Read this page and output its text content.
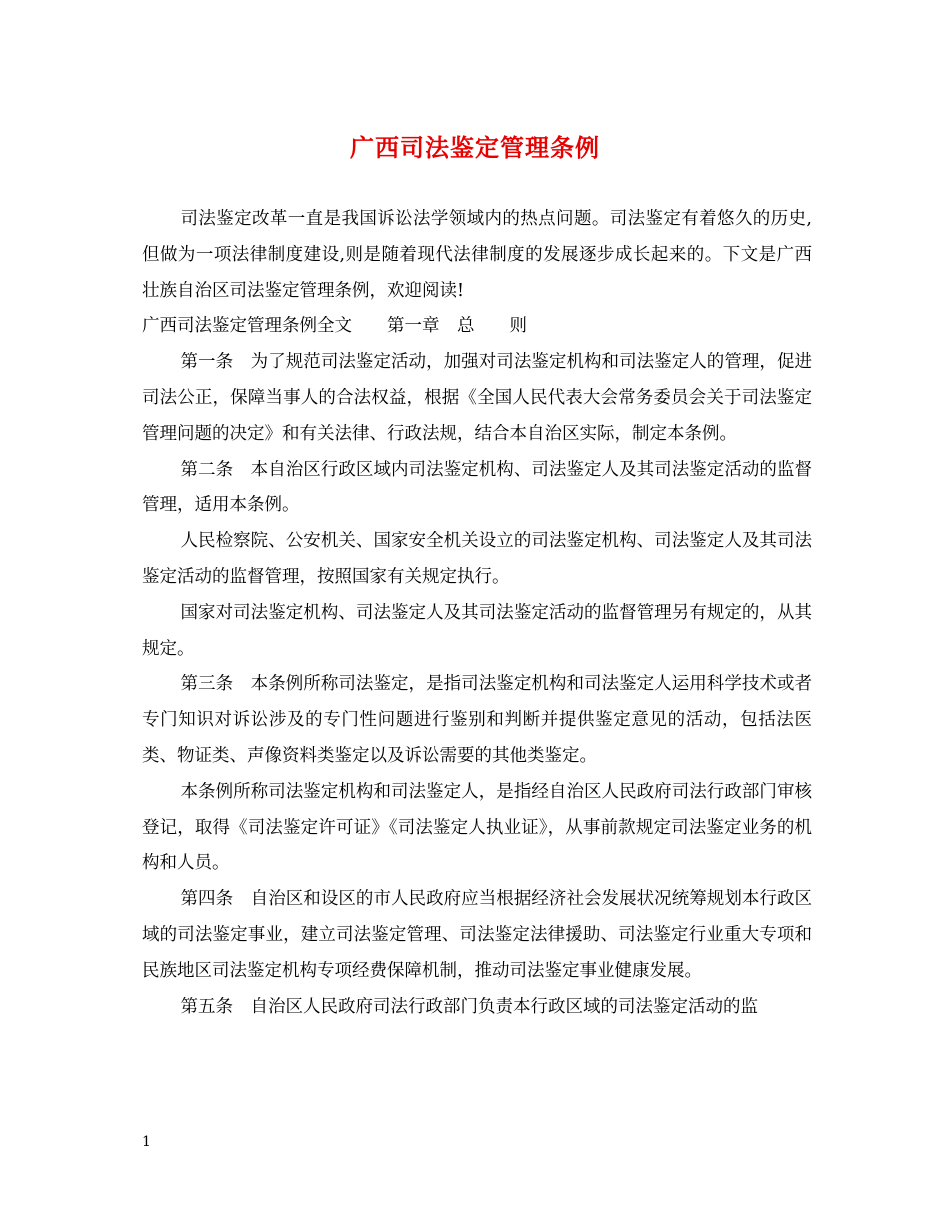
广西司法鉴定管理条例

司法鉴定改革一直是我国诉讼法学领域内的热点问题。司法鉴定有着悠久的历史,但做为一项法律制度建设,则是随着现代法律制度的发展逐步成长起来的。下文是广西壮族自治区司法鉴定管理条例，欢迎阅读!

广西司法鉴定管理条例全文　　第一章　总　　则

第一条　为了规范司法鉴定活动，加强对司法鉴定机构和司法鉴定人的管理，促进司法公正，保障当事人的合法权益，根据《全国人民代表大会常务委员会关于司法鉴定管理问题的决定》和有关法律、行政法规，结合本自治区实际，制定本条例。

第二条　本自治区行政区域内司法鉴定机构、司法鉴定人及其司法鉴定活动的监督管理，适用本条例。

人民检察院、公安机关、国家安全机关设立的司法鉴定机构、司法鉴定人及其司法鉴定活动的监督管理，按照国家有关规定执行。

国家对司法鉴定机构、司法鉴定人及其司法鉴定活动的监督管理另有规定的，从其规定。

第三条　本条例所称司法鉴定，是指司法鉴定机构和司法鉴定人运用科学技术或者专门知识对诉讼涉及的专门性问题进行鉴别和判断并提供鉴定意见的活动，包括法医类、物证类、声像资料类鉴定以及诉讼需要的其他类鉴定。

本条例所称司法鉴定机构和司法鉴定人，是指经自治区人民政府司法行政部门审核登记，取得《司法鉴定许可证》《司法鉴定人执业证》，从事前款规定司法鉴定业务的机构和人员。

第四条　自治区和设区的市人民政府应当根据经济社会发展状况统筹规划本行政区域的司法鉴定事业，建立司法鉴定管理、司法鉴定法律援助、司法鉴定行业重大专项和民族地区司法鉴定机构专项经费保障机制，推动司法鉴定事业健康发展。

第五条　自治区人民政府司法行政部门负责本行政区域的司法鉴定活动的监

1
